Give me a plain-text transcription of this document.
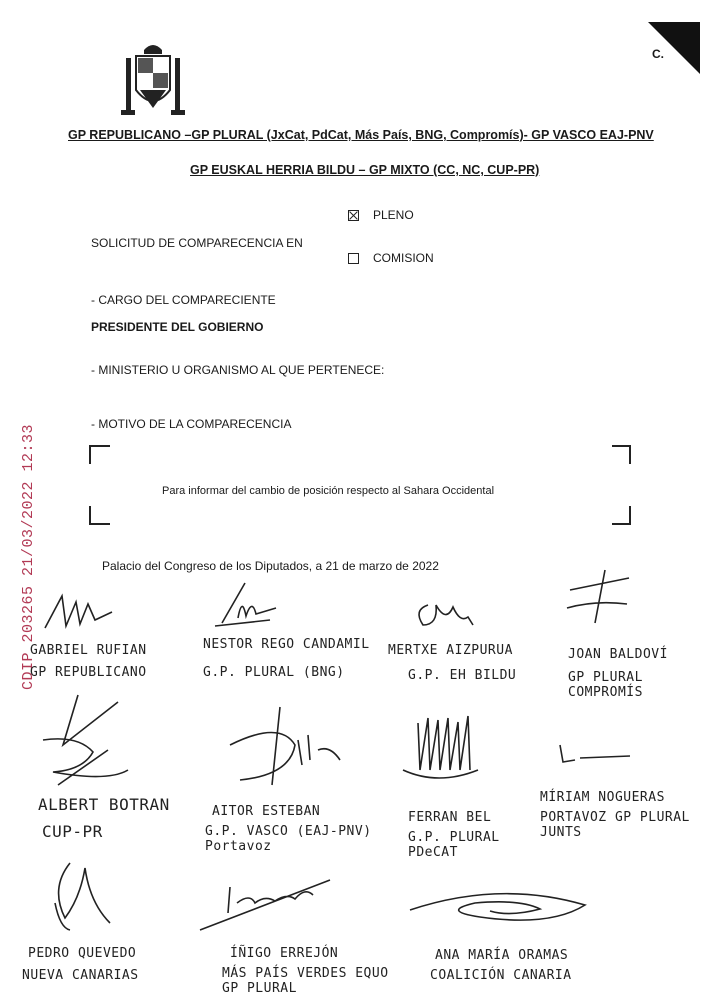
C.
GP REPUBLICANO –GP PLURAL (JxCat, PdCat, Más País, BNG, Compromís)- GP VASCO EAJ-PNV
GP EUSKAL HERRIA BILDU – GP MIXTO (CC, NC, CUP-PR)
PLENO
SOLICITUD DE COMPARECENCIA EN
COMISION
- CARGO DEL COMPARECIENTE
PRESIDENTE DEL GOBIERNO
- MINISTERIO U ORGANISMO AL QUE PERTENECE:
- MOTIVO DE LA COMPARECENCIA
Para informar del cambio de posición respecto al Sahara Occidental
Palacio del Congreso de los Diputados, a 21 de marzo de 2022
CDIP 203265 21/03/2022 12:33
GABRIEL RUFIAN
GP REPUBLICANO
NESTOR REGO CANDAMIL
G.P. PLURAL (BNG)
MERTXE AIZPURUA
G.P. EH BILDU
JOAN BALDOVÍ
GP PLURAL COMPROMÍS
ALBERT BOTRAN
CUP-PR
AITOR ESTEBAN
G.P. VASCO (EAJ-PNV) Portavoz
FERRAN BEL
G.P. PLURAL PDeCAT
MÍRIAM NOGUERAS
PORTAVOZ GP PLURAL JUNTS
PEDRO QUEVEDO
NUEVA CANARIAS
ÍÑIGO ERREJÓN
MÁS PAÍS VERDES EQUO GP PLURAL
ANA MARÍA ORAMAS
COALICIÓN CANARIA
